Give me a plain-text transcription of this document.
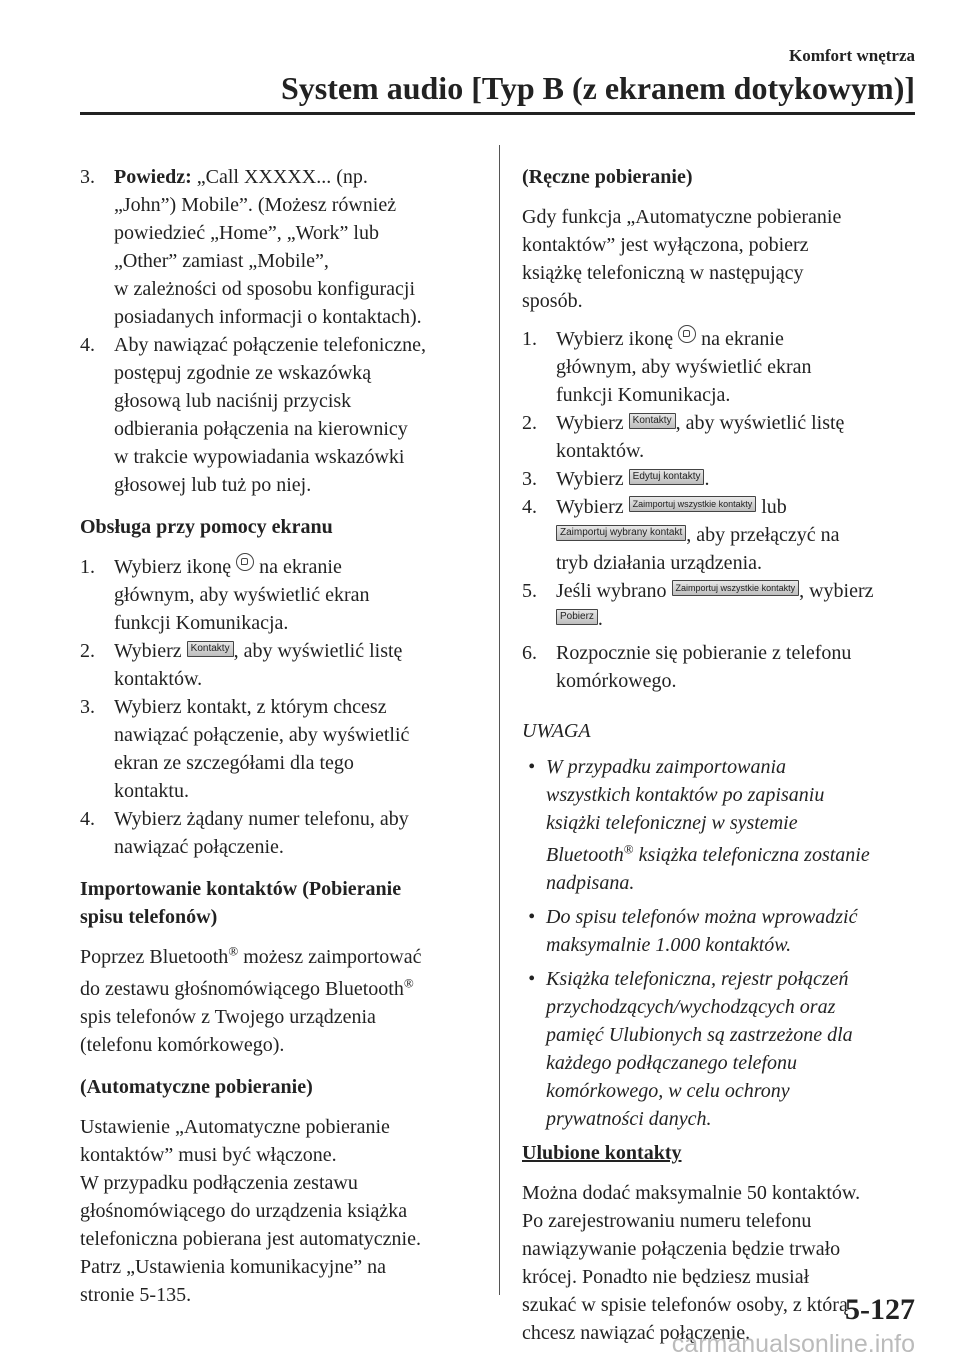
Komfort wnętrza
System audio [Typ B (z ekranem dotykowym)]
3. Powiedz: „Call XXXXX... (np.
„John”) Mobile”. (Możesz również
powiedzieć „Home”, „Work” lub
„Other” zamiast „Mobile”,
w zależności od sposobu konfiguracji
posiadanych informacji o kontaktach).
4. Aby nawiązać połączenie telefoniczne,
postępuj zgodnie ze wskazówką
głosową lub naciśnij przycisk
odbierania połączenia na kierownicy
w trakcie wypowiadania wskazówki
głosowej lub tuż po niej.

Obsługa przy pomocy ekranu

1. Wybierz ikonę  na ekranie
głównym, aby wyświetlić ekran
funkcji Komunikacja.
2. Wybierz Kontakty , aby wyświetlić listę
kontaktów.
3. Wybierz kontakt, z którym chcesz
nawiązać połączenie, aby wyświetlić
ekran ze szczegółami dla tego
kontaktu.
4. Wybierz żądany numer telefonu, aby
nawiązać połączenie.

Importowanie kontaktów (Pobieranie
spisu telefonów)

Poprzez Bluetooth® możesz zaimportować
do zestawu głośnomówiącego Bluetooth®
spis telefonów z Twojego urządzenia
(telefonu komórkowego).

(Automatyczne pobieranie)

Ustawienie „Automatyczne pobieranie
kontaktów” musi być włączone.
W przypadku podłączenia zestawu
głośnomówiącego do urządzenia książka
telefoniczna pobierana jest automatycznie.
Patrz „Ustawienia komunikacyjne” na
stronie 5-135.

(Ręczne pobieranie)

Gdy funkcja „Automatyczne pobieranie
kontaktów” jest wyłączona, pobierz
książkę telefoniczną w następujący
sposób.

1. Wybierz ikonę  na ekranie
głównym, aby wyświetlić ekran
funkcji Komunikacja.
2. Wybierz Kontakty , aby wyświetlić listę
kontaktów.
3. Wybierz Edytuj kontakty .
4. Wybierz Zaimportuj wszystkie kontakty lub
Zaimportuj wybrany kontakt , aby przełączyć na
tryb działania urządzenia.
5. Jeśli wybrano Zaimportuj wszystkie kontakty , wybierz
Pobierz .
6. Rozpocznie się pobieranie z telefonu
komórkowego.

UWAGA

• W przypadku zaimportowania
wszystkich kontaktów po zapisaniu
książki telefonicznej w systemie
Bluetooth® książka telefoniczna zostanie
nadpisana.
• Do spisu telefonów można wprowadzić
maksymalnie 1.000 kontaktów.
• Książka telefoniczna, rejestr połączeń
przychodzących/wychodzących oraz
pamięć Ulubionych są zastrzeżone dla
każdego podłączanego telefonu
komórkowego, w celu ochrony
prywatności danych.

Ulubione kontakty

Można dodać maksymalnie 50 kontaktów.
Po zarejestrowaniu numeru telefonu
nawiązywanie połączenia będzie trwało
krócej. Ponadto nie będziesz musiał
szukać w spisie telefonów osoby, z którą
chcesz nawiązać połączenie.

5-127
carmanualsonline.info
